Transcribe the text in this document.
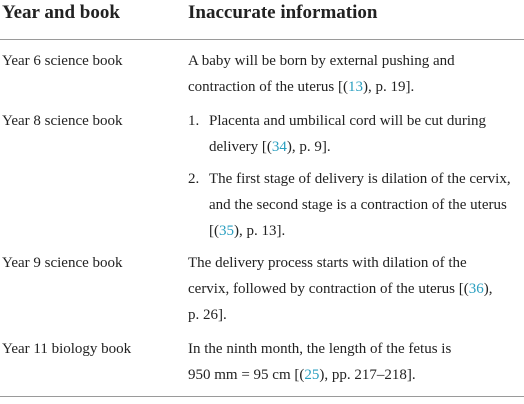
Year and book	Inaccurate information
Year 6 science book	A baby will be born by external pushing and
contraction of the uterus [(13), p. 19].
Year 8 science book	1. Placenta and umbilical cord will be cut during
delivery [(34), p. 9].
2. The first stage of delivery is dilation of the cervix,
and the second stage is a contraction of the uterus
[(35), p. 13].
Year 9 science book	The delivery process starts with dilation of the
cervix, followed by contraction of the uterus [(36),
p. 26].
Year 11 biology book	In the ninth month, the length of the fetus is
950 mm = 95 cm [(25), pp. 217–218].
